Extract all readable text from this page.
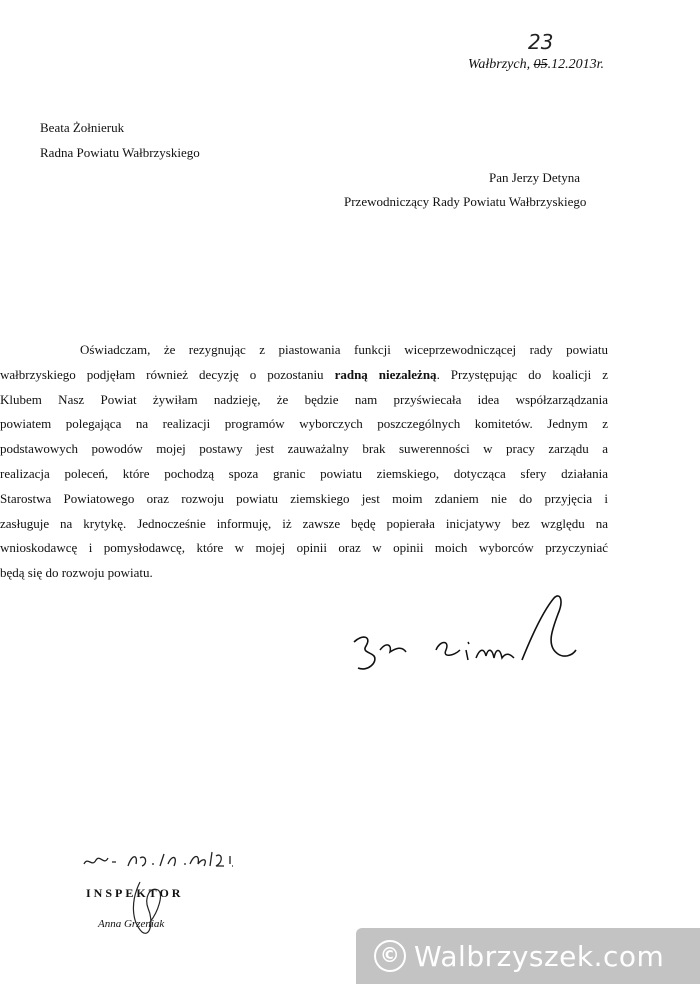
23
Wałbrzych, 05.12.2013r.
Beata Żołnieruk
Radna Powiatu Wałbrzyskiego
Pan Jerzy Detyna
Przewodniczący Rady Powiatu Wałbrzyskiego
Oświadczam, że rezygnując z piastowania funkcji wiceprzewodniczącej rady powiatu
wałbrzyskiego podjęłam również decyzję o pozostaniu radną niezależną. Przystępując do koalicji z
Klubem Nasz Powiat żywiłam nadzieję, że będzie nam przyświecała idea współzarządzania
powiatem polegająca na realizacji programów wyborczych poszczególnych komitetów. Jednym z
podstawowych powodów mojej postawy jest zauważalny brak suwerenności w pracy zarządu a
realizacja poleceń, które pochodzą spoza granic powiatu ziemskiego, dotycząca sfery działania
Starostwa Powiatowego oraz rozwoju powiatu ziemskiego jest moim zdaniem nie do przyjęcia i
zasługuje na krytykę. Jednocześnie informuję, iż zawsze będę popierała inicjatywy bez względu na
wnioskodawcę i pomysłodawcę, które w mojej opinii oraz w opinii moich wyborców przyczyniać
będą się do rozwoju powiatu.
INSPEKTOR
Anna Grzeniak
© Walbrzyszek.com
